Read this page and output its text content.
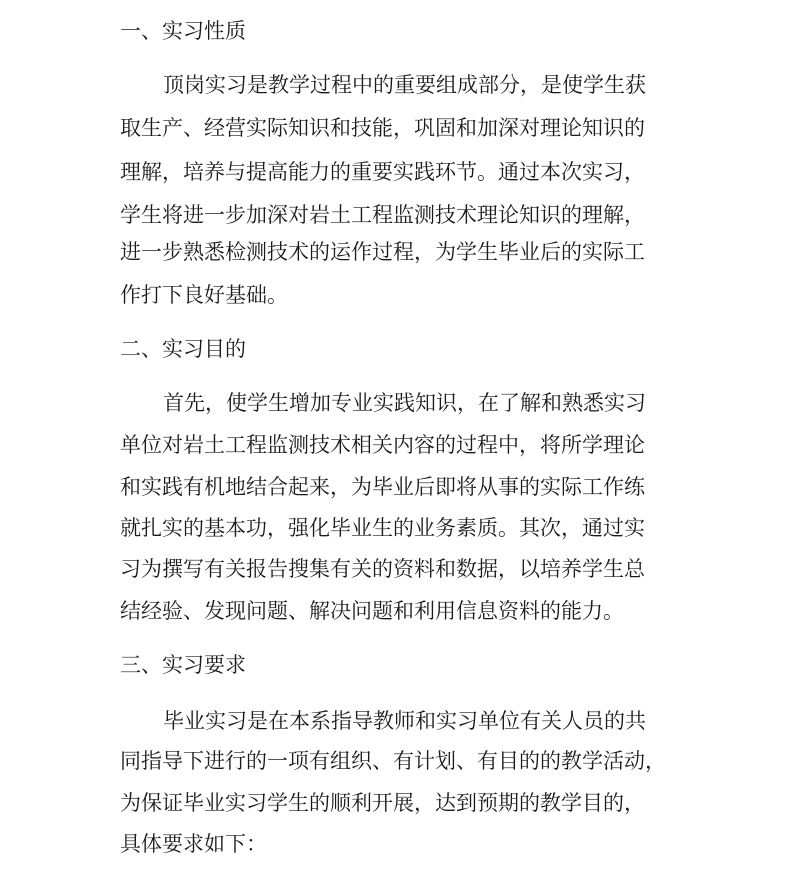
一、实习性质
顶岗实习是教学过程中的重要组成部分，是使学生获
取生产、经营实际知识和技能，巩固和加深对理论知识的
理解，培养与提高能力的重要实践环节。通过本次实习，
学生将进一步加深对岩土工程监测技术理论知识的理解，
进一步熟悉检测技术的运作过程，为学生毕业后的实际工
作打下良好基础。
二、实习目的
首先，使学生增加专业实践知识，在了解和熟悉实习
单位对岩土工程监测技术相关内容的过程中，将所学理论
和实践有机地结合起来，为毕业后即将从事的实际工作练
就扎实的基本功，强化毕业生的业务素质。其次，通过实
习为撰写有关报告搜集有关的资料和数据，以培养学生总
结经验、发现问题、解决问题和利用信息资料的能力。
三、实习要求
毕业实习是在本系指导教师和实习单位有关人员的共
同指导下进行的一项有组织、有计划、有目的的教学活动，
为保证毕业实习学生的顺利开展，达到预期的教学目的，
具体要求如下：
